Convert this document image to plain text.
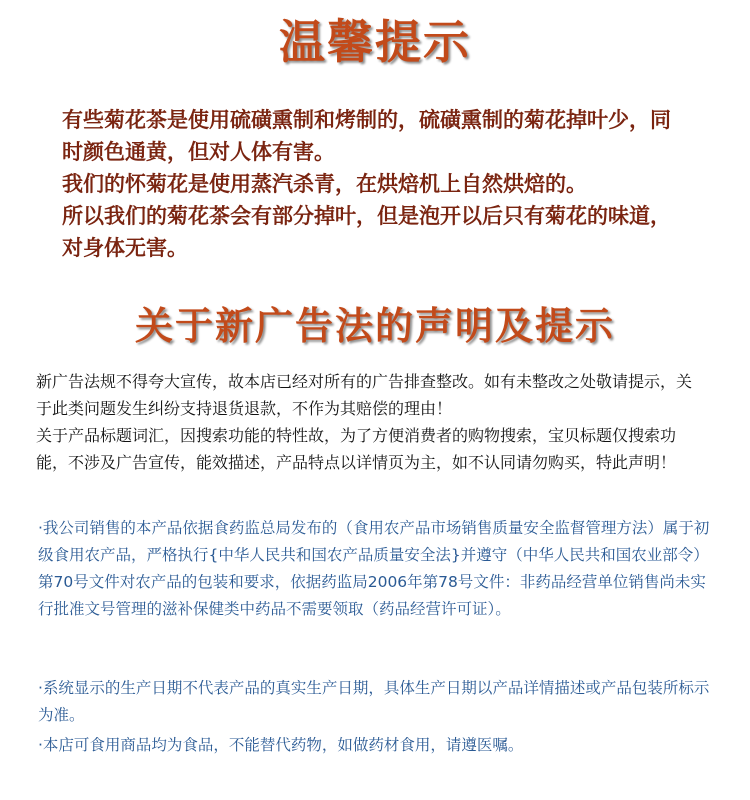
温馨提示

有些菊花茶是使用硫磺熏制和烤制的，硫磺熏制的菊花掉叶少，同时颜色通黄，但对人体有害。

我们的怀菊花是使用蒸汽杀青，在烘焙机上自然烘焙的。

所以我们的菊花茶会有部分掉叶，但是泡开以后只有菊花的味道，对身体无害。

关于新广告法的声明及提示

新广告法规不得夸大宣传，故本店已经对所有的广告排查整改。如有未整改之处敬请提示，关于此类问题发生纠纷支持退货退款，不作为其赔偿的理由！

关于产品标题词汇，因搜索功能的特性故，为了方便消费者的购物搜索，宝贝标题仅搜索功能，不涉及广告宣传，能效描述，产品特点以详情页为主，如不认同请勿购买，特此声明！

·我公司销售的本产品依据食药监总局发布的（食用农产品市场销售质量安全监督管理方法）属于初级食用农产品，严格执行{中华人民共和国农产品质量安全法}并遵守（中华人民共和国农业部令）第70号文件对农产品的包装和要求，依据药监局2006年第78号文件：非药品经营单位销售尚未实行批准文号管理的滋补保健类中药品不需要领取（药品经营许可证）。

·系统显示的生产日期不代表产品的真实生产日期，具体生产日期以产品详情描述或产品包装所标示为准。

·本店可食用商品均为食品，不能替代药物，如做药材食用，请遵医嘱。
